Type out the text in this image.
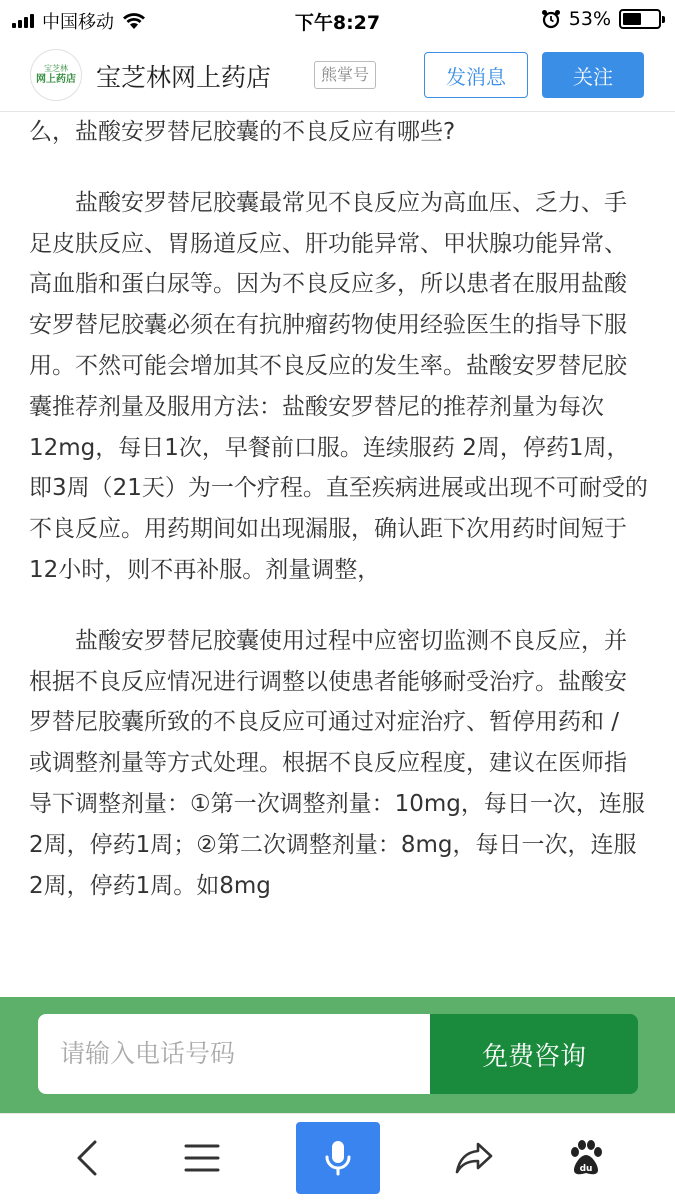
中国移动	下午8:27	53%
宝芝林
网上药店 宝芝林网上药店	熊掌号	发消息	关注

么，盐酸安罗替尼胶囊的不良反应有哪些?

盐酸安罗替尼胶囊最常见不良反应为高血压、乏力、手足皮肤反应、胃肠道反应、肝功能异常、甲状腺功能异常、高血脂和蛋白尿等。因为不良反应多，所以患者在服用盐酸安罗替尼胶囊必须在有抗肿瘤药物使用经验医生的指导下服用。不然可能会增加其不良反应的发生率。盐酸安罗替尼胶囊推荐剂量及服用方法：盐酸安罗替尼的推荐剂量为每次12mg，每日1次，早餐前口服。连续服药 2周，停药1周，即3周（21天）为一个疗程。直至疾病进展或出现不可耐受的不良反应。用药期间如出现漏服，确认距下次用药时间短于12小时，则不再补服。剂量调整，

盐酸安罗替尼胶囊使用过程中应密切监测不良反应，并根据不良反应情况进行调整以使患者能够耐受治疗。盐酸安罗替尼胶囊所致的不良反应可通过对症治疗、暂停用药和 / 或调整剂量等方式处理。根据不良反应程度，建议在医师指导下调整剂量：①第一次调整剂量：10mg，每日一次，连服2周，停药1周；②第二次调整剂量：8mg，每日一次，连服2周，停药1周。如8mg

请输入电话号码	免费咨询
du
